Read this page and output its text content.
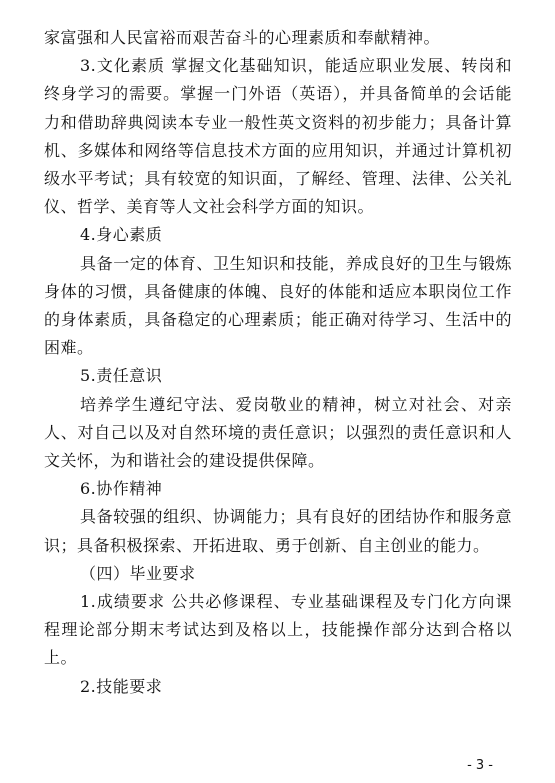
家富强和人民富裕而艰苦奋斗的心理素质和奉献精神。

3.文化素质 掌握文化基础知识，能适应职业发展、转岗和终身学习的需要。掌握一门外语（英语），并具备简单的会话能力和借助辞典阅读本专业一般性英文资料的初步能力；具备计算机、多媒体和网络等信息技术方面的应用知识，并通过计算机初级水平考试；具有较宽的知识面，了解经、管理、法律、公关礼仪、哲学、美育等人文社会科学方面的知识。

4.身心素质

具备一定的体育、卫生知识和技能，养成良好的卫生与锻炼身体的习惯，具备健康的体魄、良好的体能和适应本职岗位工作的身体素质，具备稳定的心理素质；能正确对待学习、生活中的困难。

5.责任意识

培养学生遵纪守法、爱岗敬业的精神，树立对社会、对亲人、对自己以及对自然环境的责任意识；以强烈的责任意识和人文关怀，为和谐社会的建设提供保障。

6.协作精神

具备较强的组织、协调能力；具有良好的团结协作和服务意识；具备积极探索、开拓进取、勇于创新、自主创业的能力。

（四）毕业要求

1.成绩要求 公共必修课程、专业基础课程及专门化方向课程理论部分期末考试达到及格以上，技能操作部分达到合格以上。

2.技能要求

- 3 -
